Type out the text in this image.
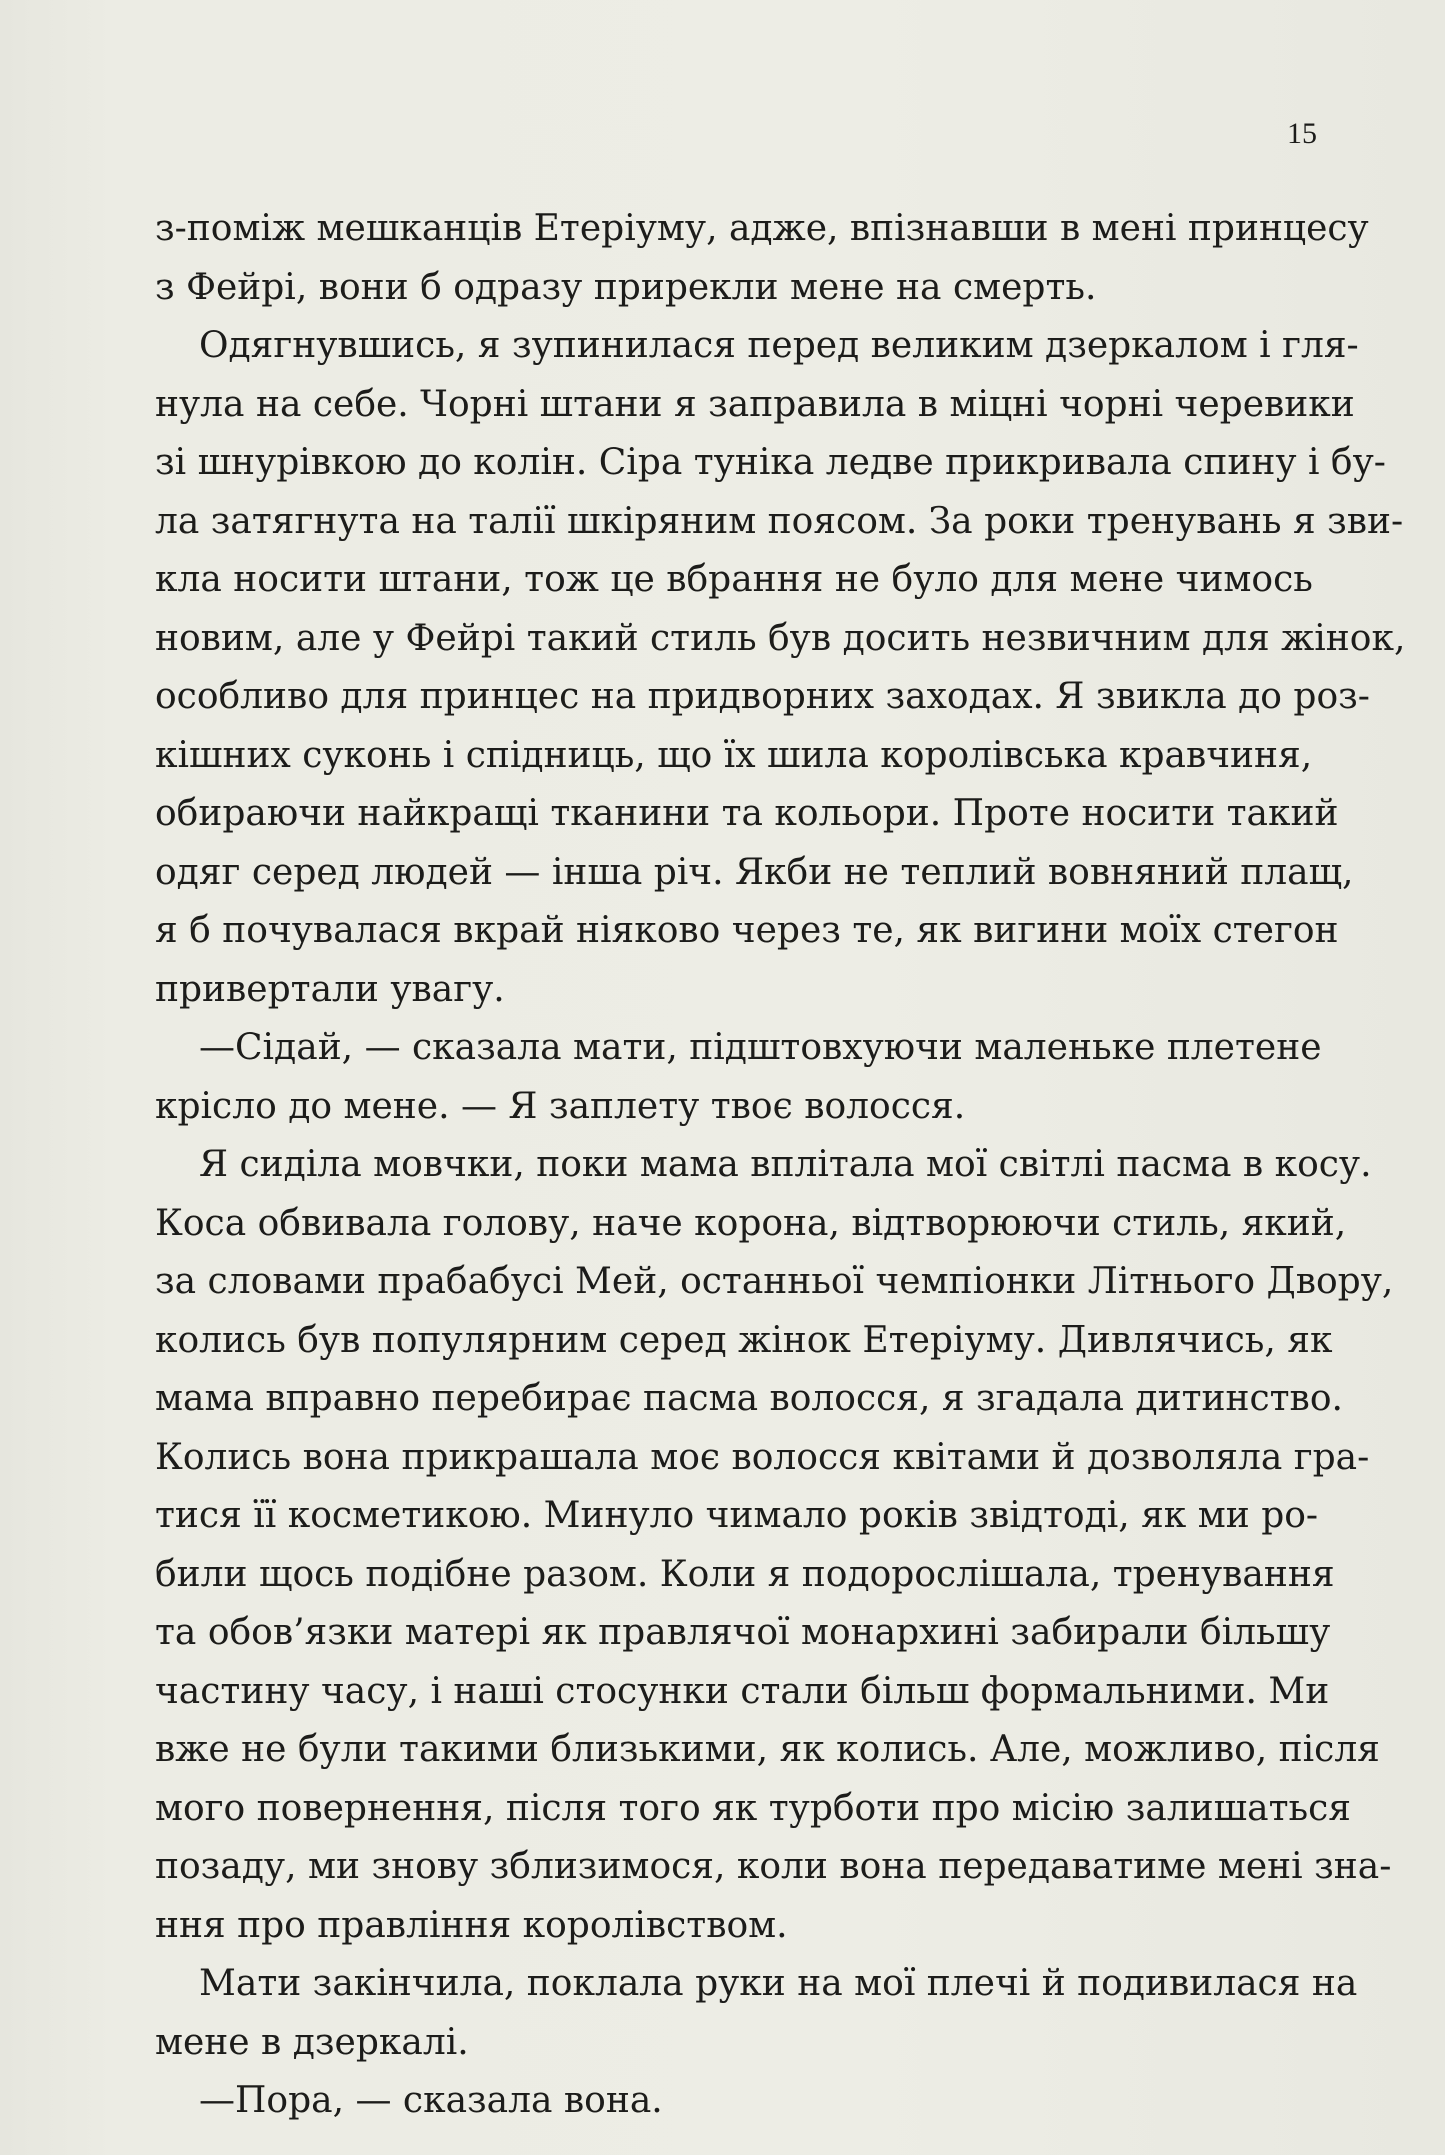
15
з-поміж мешканців Етеріуму, адже, впізнавши в мені принцесу
з Фейрі, вони б одразу прирекли мене на смерть.
Одягнувшись, я зупинилася перед великим дзеркалом і гля-
нула на себе. Чорні штани я заправила в міцні чорні черевики
зі шнурівкою до колін. Сіра туніка ледве прикривала спину і бу-
ла затягнута на талії шкіряним поясом. За роки тренувань я зви-
кла носити штани, тож це вбрання не було для мене чимось
новим, але у Фейрі такий стиль був досить незвичним для жінок,
особливо для принцес на придворних заходах. Я звикла до роз-
кішних суконь і спідниць, що їх шила королівська кравчиня,
обираючи найкращі тканини та кольори. Проте носити такий
одяг серед людей — інша річ. Якби не теплий вовняний плащ,
я б почувалася вкрай ніяково через те, як вигини моїх стегон
привертали увагу.
—Сідай, — сказала мати, підштовхуючи маленьке плетене
крісло до мене. — Я заплету твоє волосся.
Я сиділа мовчки, поки мама вплітала мої світлі пасма в косу.
Коса обвивала голову, наче корона, відтворюючи стиль, який,
за словами прабабусі Мей, останньої чемпіонки Літнього Двору,
колись був популярним серед жінок Етеріуму. Дивлячись, як
мама вправно перебирає пасма волосся, я згадала дитинство.
Колись вона прикрашала моє волосся квітами й дозволяла гра-
тися її косметикою. Минуло чимало років звідтоді, як ми ро-
били щось подібне разом. Коли я подорослішала, тренування
та обов’язки матері як правлячої монархині забирали більшу
частину часу, і наші стосунки стали більш формальними. Ми
вже не були такими близькими, як колись. Але, можливо, після
мого повернення, після того як турботи про місію залишаться
позаду, ми знову зблизимося, коли вона передаватиме мені зна-
ння про правління королівством.
Мати закінчила, поклала руки на мої плечі й подивилася на
мене в дзеркалі.
—Пора, — сказала вона.
